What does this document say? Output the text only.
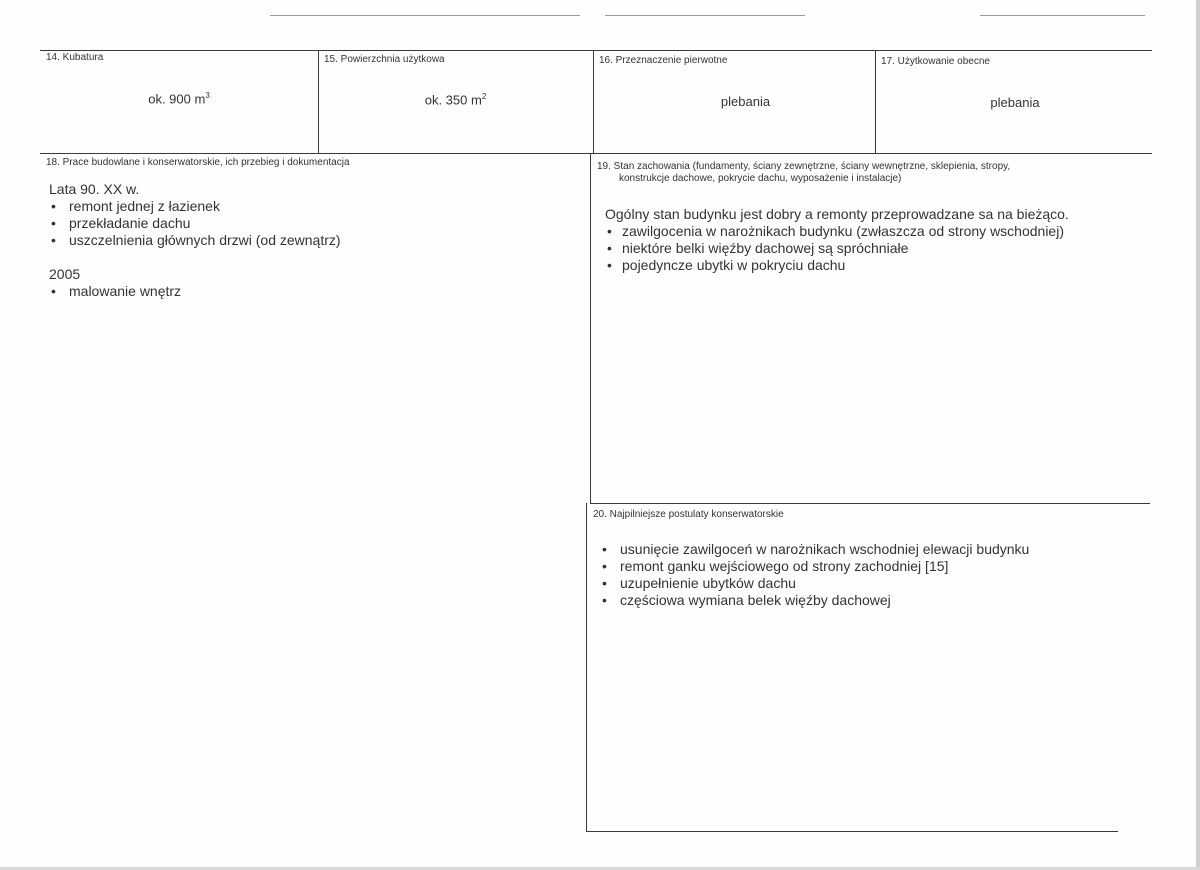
14. Kubatura
ok. 900 $m^3$
15. Powierzchnia użytkowa
ok. 350 $m^2$
16. Przeznaczenie pierwotne
plebania
17. Użytkowanie obecne
plebania
18. Prace budowlane i konserwatorskie, ich przebieg i dokumentacja
Lata 90. XX w.
• remont jednej z łazienek
• przekładanie dachu
• uszczelnienia głównych drzwi (od zewnątrz)
2005
• malowanie wnętrz
19. Stan zachowania (fundamenty, ściany zewnętrzne, ściany wewnętrzne, sklepienia, stropy,
konstrukcje dachowe, pokrycie dachu, wyposażenie i instalacje)
Ogólny stan budynku jest dobry a remonty przeprowadzane sa na bieżąco.
• zawilgocenia w narożnikach budynku (zwłaszcza od strony wschodniej)
• niektóre belki więźby dachowej są spróchniałe
• pojedyncze ubytki w pokryciu dachu
20. Najpilniejsze postulaty konserwatorskie
• usunięcie zawilgoceń w narożnikach wschodniej elewacji budynku
• remont ganku wejściowego od strony zachodniej [15]
• uzupełnienie ubytków dachu
• częściowa wymiana belek więźby dachowej
